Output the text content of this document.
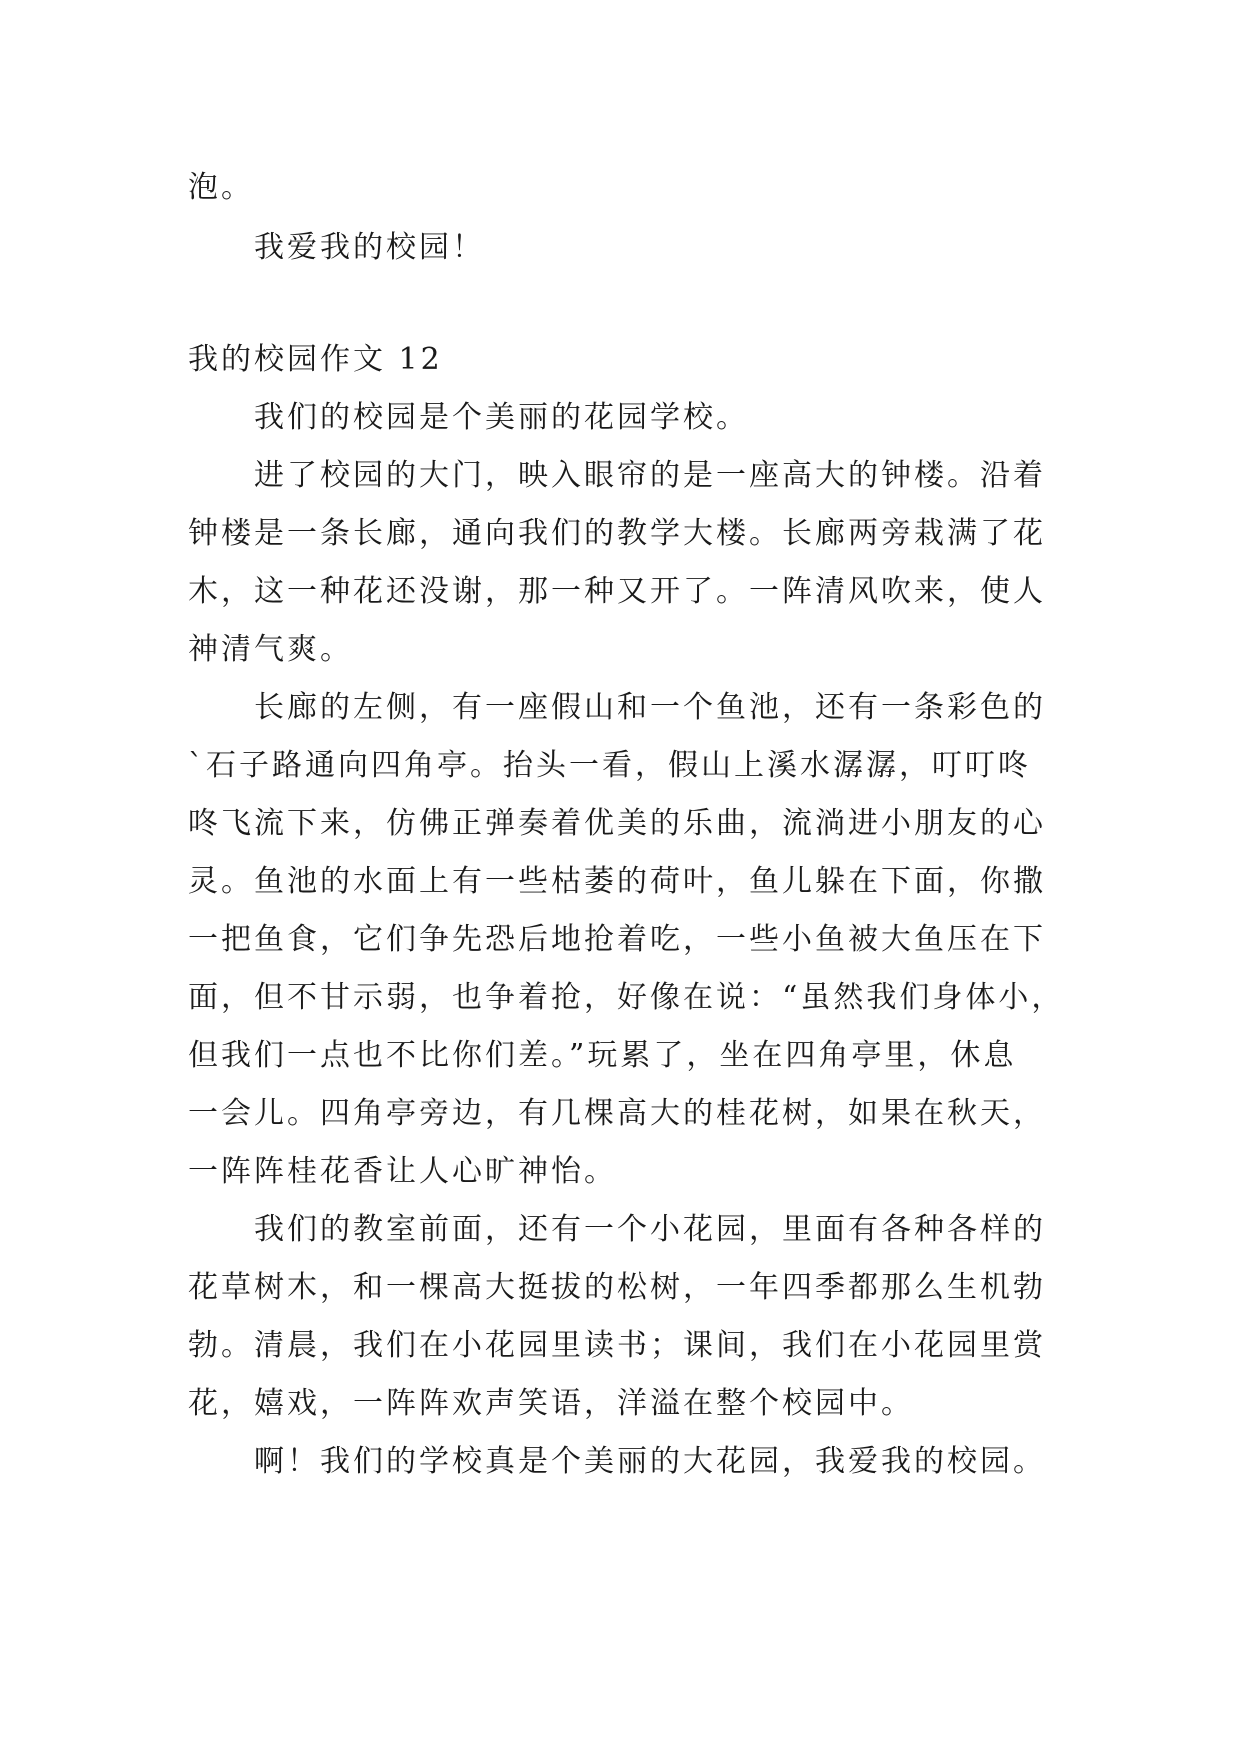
泡。
我爱我的校园！
我的校园作文 12
我们的校园是个美丽的花园学校。
进了校园的大门，映入眼帘的是一座高大的钟楼。沿着
钟楼是一条长廊，通向我们的教学大楼。长廊两旁栽满了花
木，这一种花还没谢，那一种又开了。一阵清风吹来，使人
神清气爽。
长廊的左侧，有一座假山和一个鱼池，还有一条彩色的
`石子路通向四角亭。抬头一看，假山上溪水潺潺，叮叮咚
咚飞流下来，仿佛正弹奏着优美的乐曲，流淌进小朋友的心
灵。鱼池的水面上有一些枯萎的荷叶，鱼儿躲在下面，你撒
一把鱼食，它们争先恐后地抢着吃，一些小鱼被大鱼压在下
面，但不甘示弱，也争着抢，好像在说：“虽然我们身体小，
但我们一点也不比你们差。”玩累了，坐在四角亭里，休息
一会儿。四角亭旁边，有几棵高大的桂花树，如果在秋天，
一阵阵桂花香让人心旷神怡。
我们的教室前面，还有一个小花园，里面有各种各样的
花草树木，和一棵高大挺拔的松树，一年四季都那么生机勃
勃。清晨，我们在小花园里读书；课间，我们在小花园里赏
花，嬉戏，一阵阵欢声笑语，洋溢在整个校园中。
啊！我们的学校真是个美丽的大花园，我爱我的校园。
